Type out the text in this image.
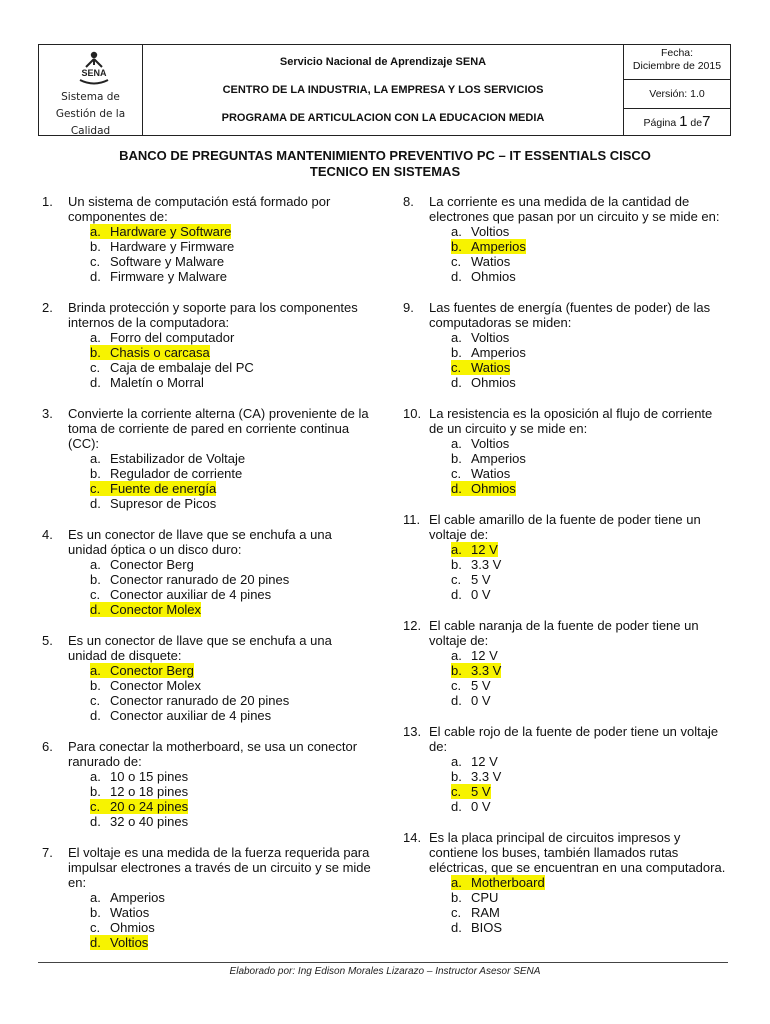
SENA
Sistema de
Gestión de la
Calidad

Servicio Nacional de Aprendizaje SENA
CENTRO DE LA INDUSTRIA, LA EMPRESA Y LOS SERVICIOS
PROGRAMA DE ARTICULACION CON LA EDUCACION MEDIA

Fecha:
Diciembre de 2015
Versión: 1.0
Página 1 de7
BANCO DE PREGUNTAS MANTENIMIENTO PREVENTIVO PC – IT ESSENTIALS CISCO
TECNICO EN SISTEMAS
1. Un sistema de computación está formado por componentes de:
a. Hardware y Software
b. Hardware y Firmware
c. Software y Malware
d. Firmware y Malware
2. Brinda protección y soporte para los componentes internos de la computadora:
a. Forro del computador
b. Chasis o carcasa
c. Caja de embalaje del PC
d. Maletín o Morral
3. Convierte la corriente alterna (CA) proveniente de la toma de corriente de pared en corriente continua (CC):
a. Estabilizador de Voltaje
b. Regulador de corriente
c. Fuente de energía
d. Supresor de Picos
4. Es un conector de llave que se enchufa a una unidad óptica o un disco duro:
a. Conector Berg
b. Conector ranurado de 20 pines
c. Conector auxiliar de 4 pines
d. Conector Molex
5. Es un conector de llave que se enchufa a una unidad de disquete:
a. Conector Berg
b. Conector Molex
c. Conector ranurado de 20 pines
d. Conector auxiliar de 4 pines
6. Para conectar la motherboard, se usa un conector ranurado de:
a. 10 o 15 pines
b. 12 o 18 pines
c. 20 o 24 pines
d. 32 o 40 pines
7. El voltaje es una medida de la fuerza requerida para impulsar electrones a través de un circuito y se mide en:
a. Amperios
b. Watios
c. Ohmios
d. Voltios
8. La corriente es una medida de la cantidad de electrones que pasan por un circuito y se mide en:
a. Voltios
b. Amperios
c. Watios
d. Ohmios
9. Las fuentes de energía (fuentes de poder) de las computadoras se miden:
a. Voltios
b. Amperios
c. Watios
d. Ohmios
10. La resistencia es la oposición al flujo de corriente de un circuito y se mide en:
a. Voltios
b. Amperios
c. Watios
d. Ohmios
11. El cable amarillo de la fuente de poder tiene un voltaje de:
a. 12 V
b. 3.3 V
c. 5 V
d. 0 V
12. El cable naranja de la fuente de poder tiene un voltaje de:
a. 12 V
b. 3.3 V
c. 5 V
d. 0 V
13. El cable rojo de la fuente de poder tiene un voltaje de:
a. 12 V
b. 3.3 V
c. 5 V
d. 0 V
14. Es la placa principal de circuitos impresos y contiene los buses, también llamados rutas eléctricas, que se encuentran en una computadora.
a. Motherboard
b. CPU
c. RAM
d. BIOS
Elaborado por: Ing Edison Morales Lizarazo – Instructor Asesor SENA
